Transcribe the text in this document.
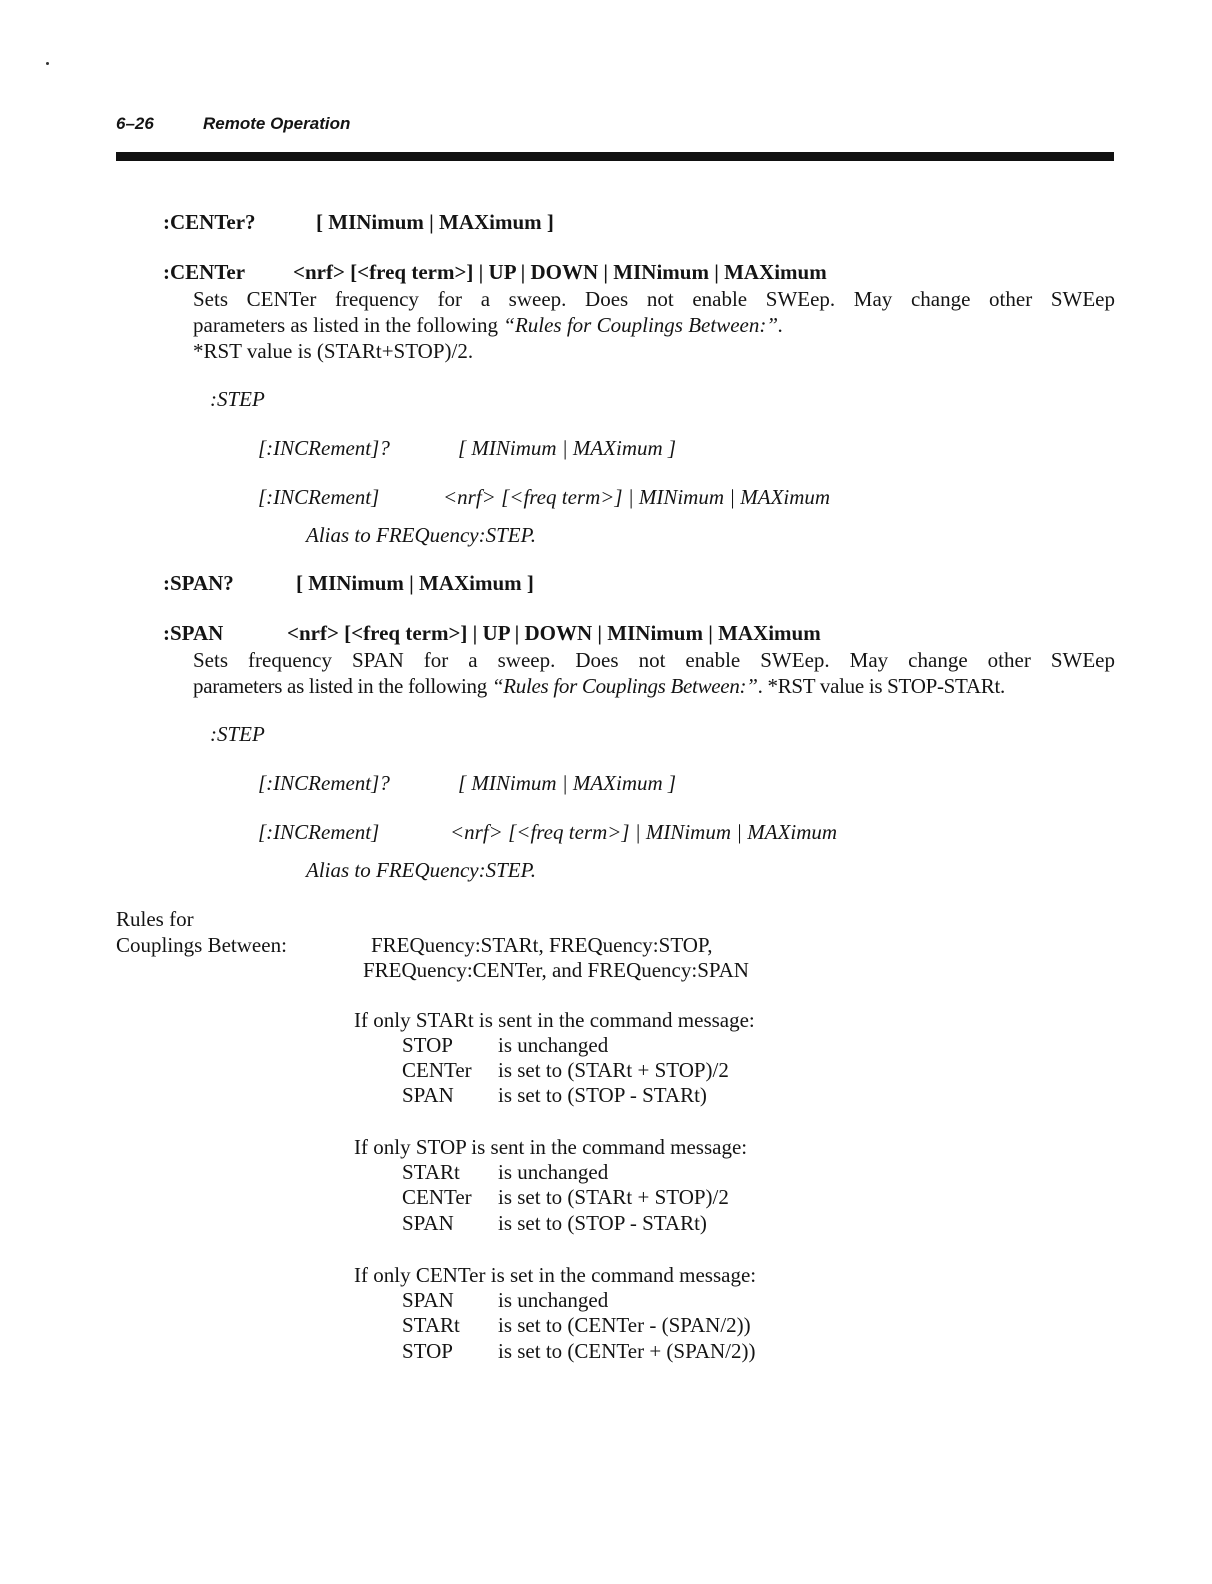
6–26	Remote Operation
:CENTer?	[ MINimum | MAXimum ]
:CENTer <nrf> [<freq term>] | UP | DOWN | MINimum | MAXimum
Sets CENTer frequency for a sweep. Does not enable SWEep. May change other SWEep
parameters as listed in the following “Rules for Couplings Between:”.
*RST value is (STARt+STOP)/2.
:STEP
[:INCRement]?	[ MINimum | MAXimum ]
[:INCRement]	<nrf> [<freq term>] | MINimum | MAXimum
Alias to FREQuency:STEP.
:SPAN?	[ MINimum | MAXimum ]
:SPAN	<nrf> [<freq term>] | UP | DOWN | MINimum | MAXimum
Sets frequency SPAN for a sweep. Does not enable SWEep. May change other SWEep
parameters as listed in the following “Rules for Couplings Between:”. *RST value is STOP-STARt.
:STEP
[:INCRement]?	[ MINimum | MAXimum ]
[:INCRement]	<nrf> [<freq term>] | MINimum | MAXimum
Alias to FREQuency:STEP.
Rules for
Couplings Between:	FREQuency:STARt, FREQuency:STOP,
FREQuency:CENTer, and FREQuency:SPAN
If only STARt is sent in the command message:
STOP is unchanged
CENTer is set to (STARt + STOP)/2
SPAN is set to (STOP - STARt)
If only STOP is sent in the command message:
STARt is unchanged
CENTer is set to (STARt + STOP)/2
SPAN is set to (STOP - STARt)
If only CENTer is set in the command message:
SPAN is unchanged
STARt is set to (CENTer - (SPAN/2))
STOP is set to (CENTer + (SPAN/2))
